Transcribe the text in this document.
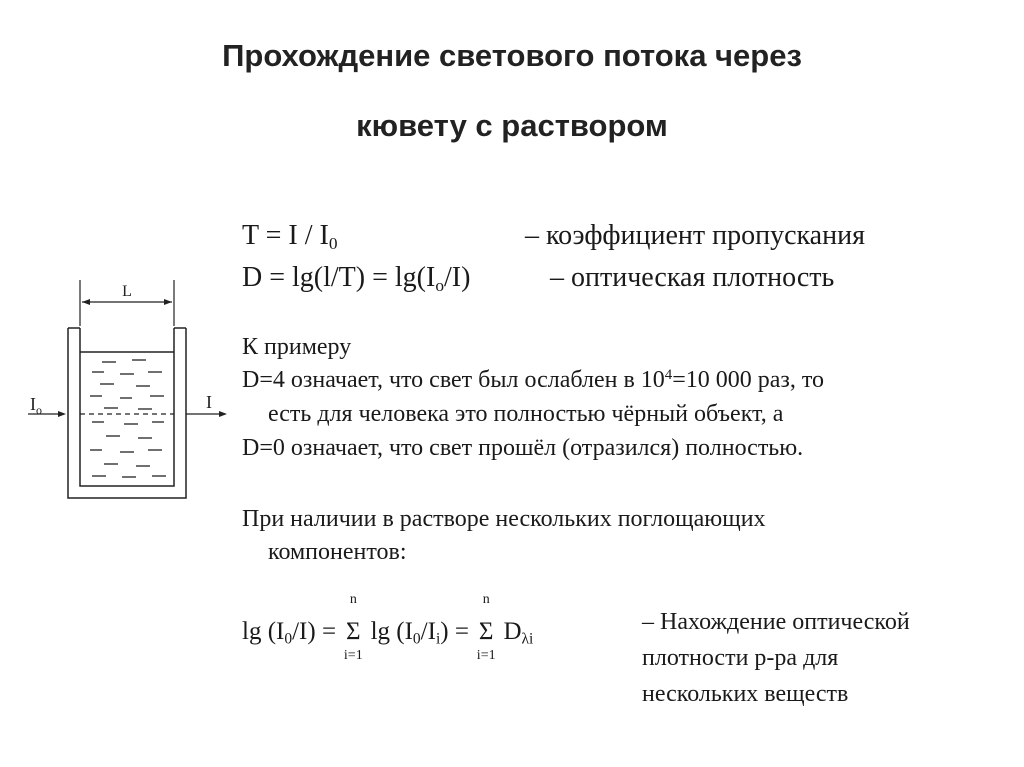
Прохождение светового потока через
кювету с раствором
L
$I_o$	I
$T = I / I_0$	– коэффициент пропускания
$D = \lg(l/T) = \lg(I_o/I)$	– оптическая плотность
К примеру
D=4 означает, что свет был ослаблен в $10^4=10$ 000 раз, то
есть для человека это полностью чёрный объект, а
D=0 означает, что свет прошёл (отразился) полностью.
При наличии в растворе нескольких поглощающих
компонентов:
$\lg (I_0/I) = \Sigma$
n
i=1
$\lg (I_0/I_i) = \Sigma$
n
i=1
$D_{\lambda i}$
– Нахождение оптической
плотности р-ра для
нескольких веществ
